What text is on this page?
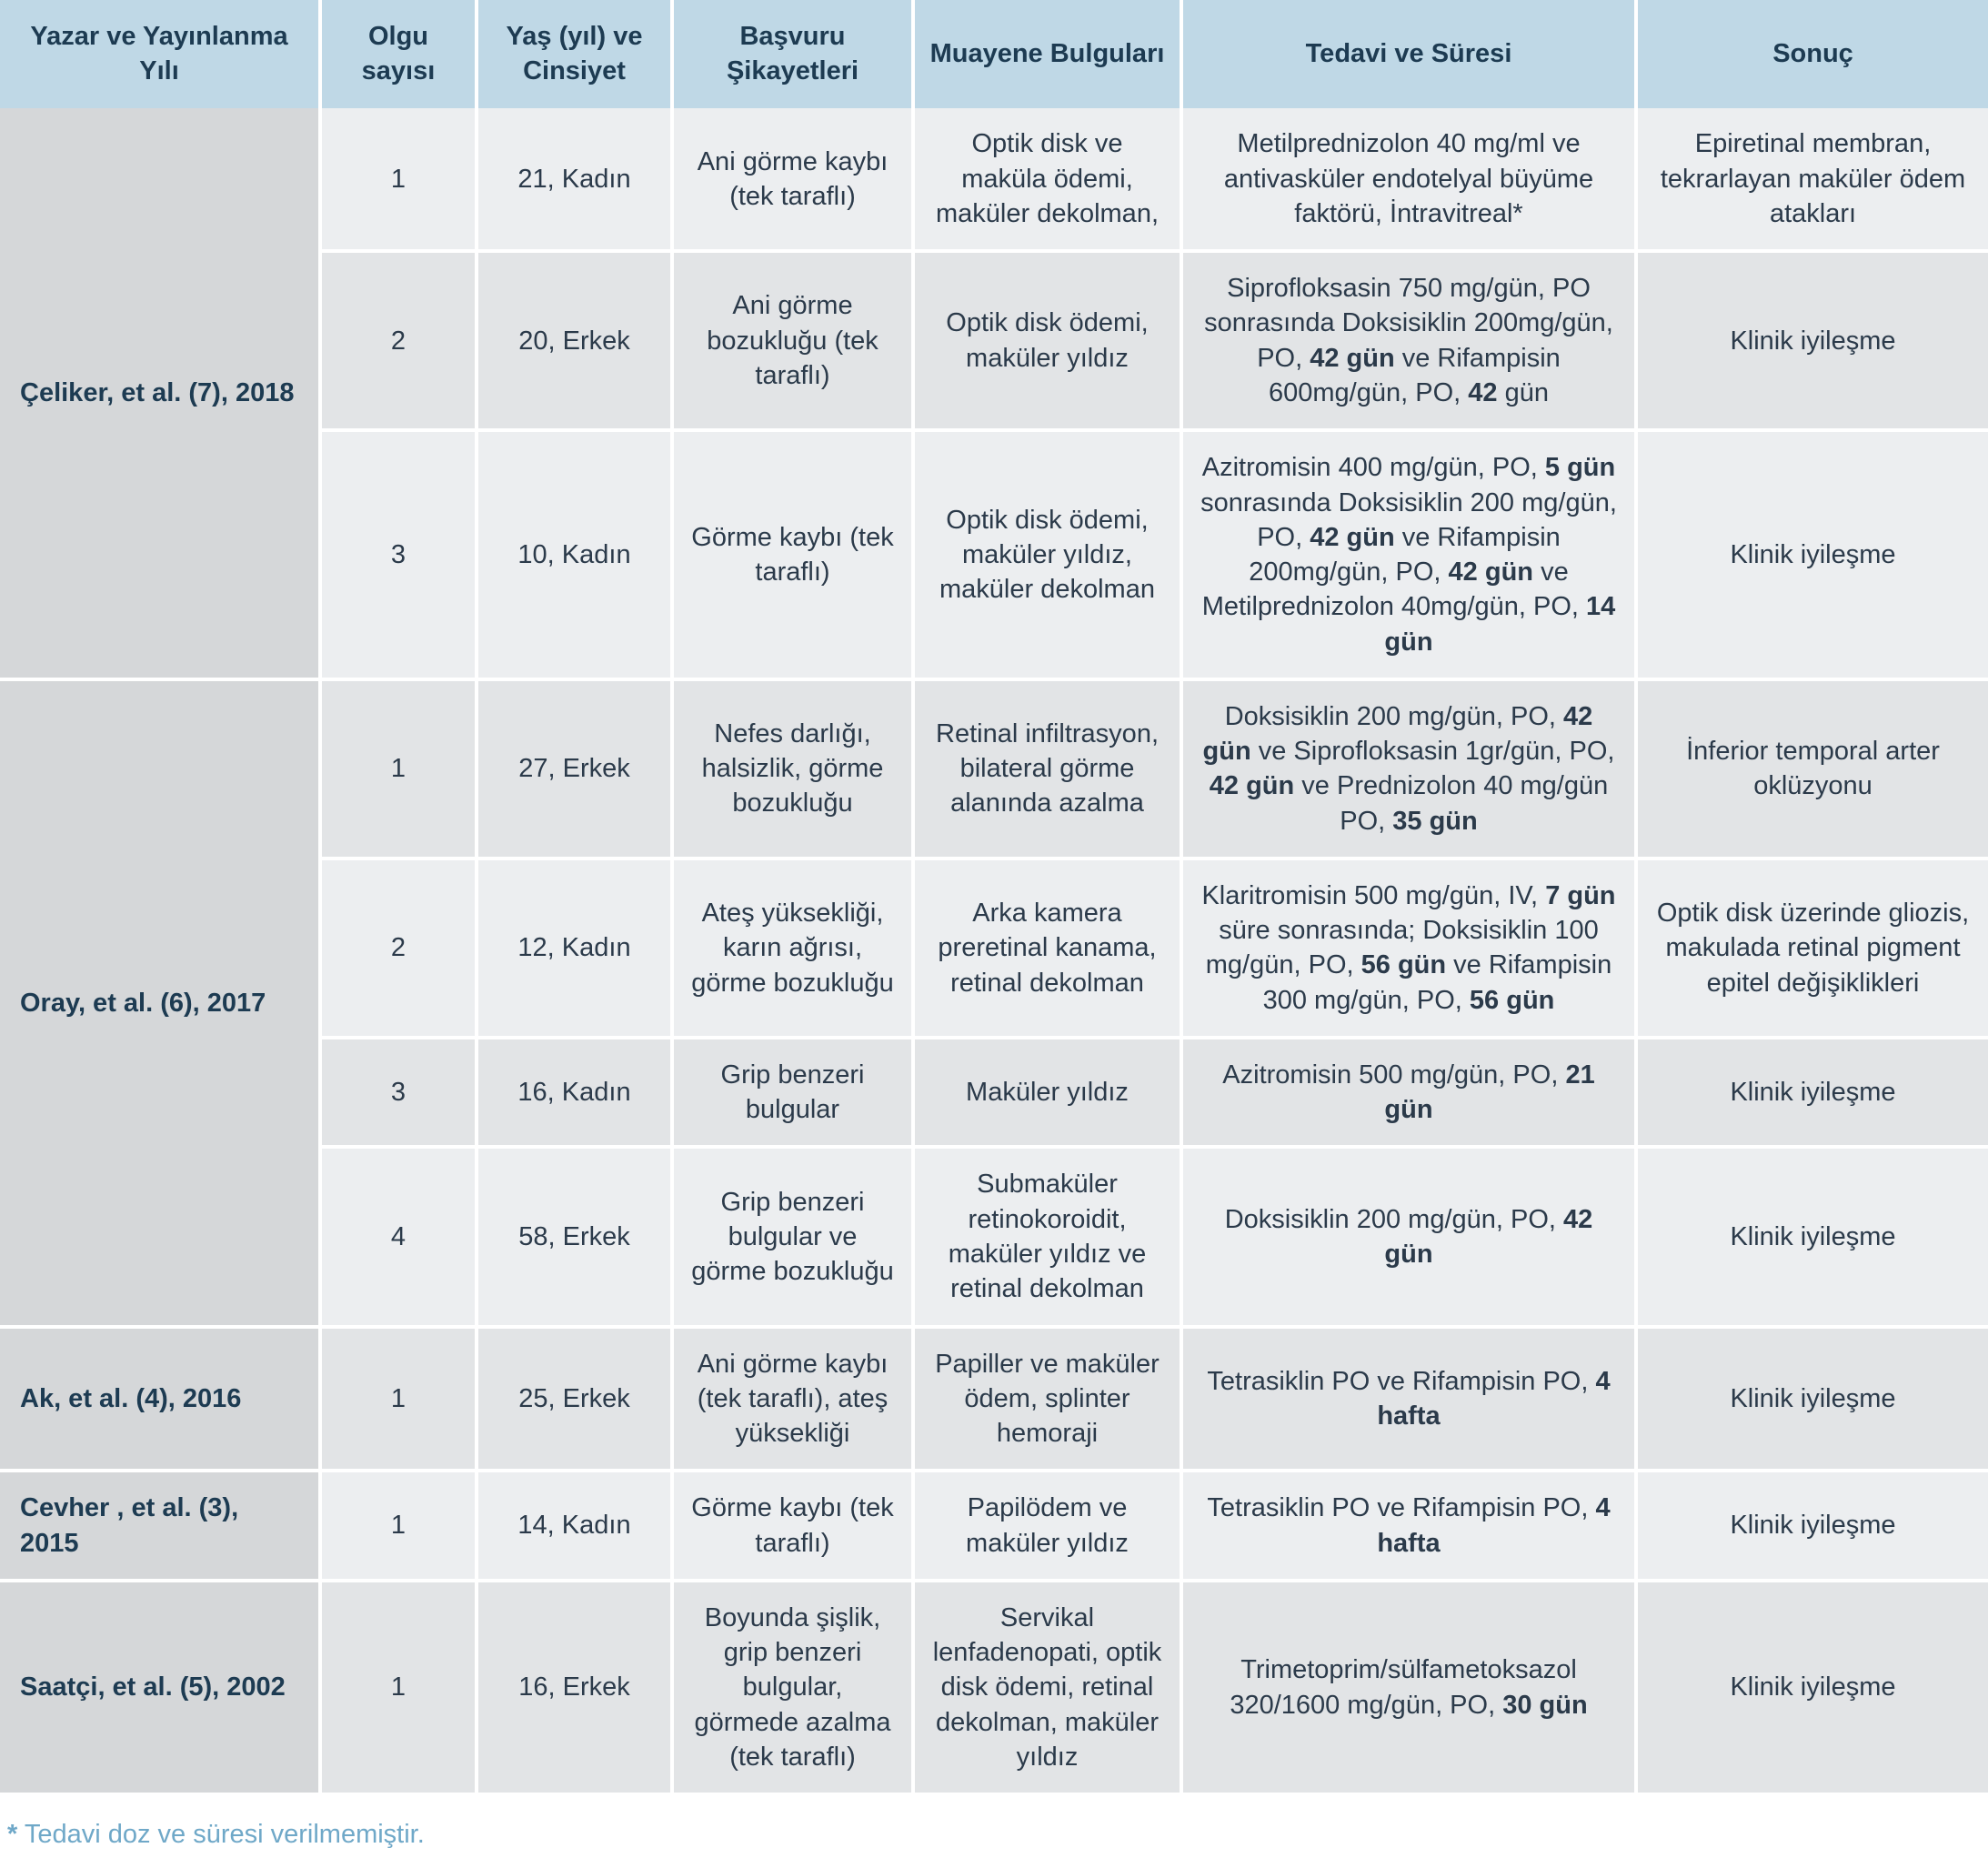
Yazar ve Yayınlanma Yılı	Olgu sayısı	Yaş (yıl) ve Cinsiyet	Başvuru Şikayetleri	Muayene Bulguları	Tedavi ve Süresi	Sonuç
Çeliker, et al. (7), 2018	1	21, Kadın	Ani görme kaybı (tek taraflı)	Optik disk ve maküla ödemi, maküler dekolman,	Metilprednizolon 40 mg/ml ve antivasküler endotelyal büyüme faktörü, İntravitreal*	Epiretinal membran, tekrarlayan maküler ödem atakları
	2	20, Erkek	Ani görme bozukluğu (tek taraflı)	Optik disk ödemi, maküler yıldız	Siprofloksasin 750 mg/gün, PO sonrasında Doksisiklin 200mg/gün, PO, 42 gün ve Rifampisin 600mg/gün, PO, 42 gün	Klinik iyileşme
	3	10, Kadın	Görme kaybı (tek taraflı)	Optik disk ödemi, maküler yıldız, maküler dekolman	Azitromisin 400 mg/gün, PO, 5 gün sonrasında Doksisiklin 200 mg/gün, PO, 42 gün ve Rifampisin 200mg/gün, PO, 42 gün ve Metilprednizolon 40mg/gün, PO, 14 gün	Klinik iyileşme
Oray, et al. (6), 2017	1	27, Erkek	Nefes darlığı, halsizlik, görme bozukluğu	Retinal infiltrasyon, bilateral görme alanında azalma	Doksisiklin 200 mg/gün, PO, 42 gün ve Siprofloksasin 1gr/gün, PO, 42 gün ve Prednizolon 40 mg/gün PO, 35 gün	İnferior temporal arter oklüzyonu
	2	12, Kadın	Ateş yüksekliği, karın ağrısı, görme bozukluğu	Arka kamera preretinal kanama, retinal dekolman	Klaritromisin 500 mg/gün, IV, 7 gün süre sonrasında; Doksisiklin 100 mg/gün, PO, 56 gün ve Rifampisin 300 mg/gün, PO, 56 gün	Optik disk üzerinde gliozis, makulada retinal pigment epitel değişiklikleri
	3	16, Kadın	Grip benzeri bulgular	Maküler yıldız	Azitromisin 500 mg/gün, PO, 21 gün	Klinik iyileşme
	4	58, Erkek	Grip benzeri bulgular ve görme bozukluğu	Submaküler retinokoroidit, maküler yıldız ve retinal dekolman	Doksisiklin 200 mg/gün, PO, 42 gün	Klinik iyileşme
Ak, et al. (4), 2016	1	25, Erkek	Ani görme kaybı (tek taraflı), ateş yüksekliği	Papiller ve maküler ödem, splinter hemoraji	Tetrasiklin PO ve Rifampisin PO, 4 hafta	Klinik iyileşme
Cevher , et al. (3), 2015	1	14, Kadın	Görme kaybı (tek taraflı)	Papilödem ve maküler yıldız	Tetrasiklin PO ve Rifampisin PO, 4 hafta	Klinik iyileşme
Saatçi, et al. (5), 2002	1	16, Erkek	Boyunda şişlik, grip benzeri bulgular, görmede azalma (tek taraflı)	Servikal lenfadenopati, optik disk ödemi, retinal dekolman, maküler yıldız	Trimetoprim/sülfametoksazol 320/1600 mg/gün, PO, 30 gün	Klinik iyileşme
* Tedavi doz ve süresi verilmemiştir.
